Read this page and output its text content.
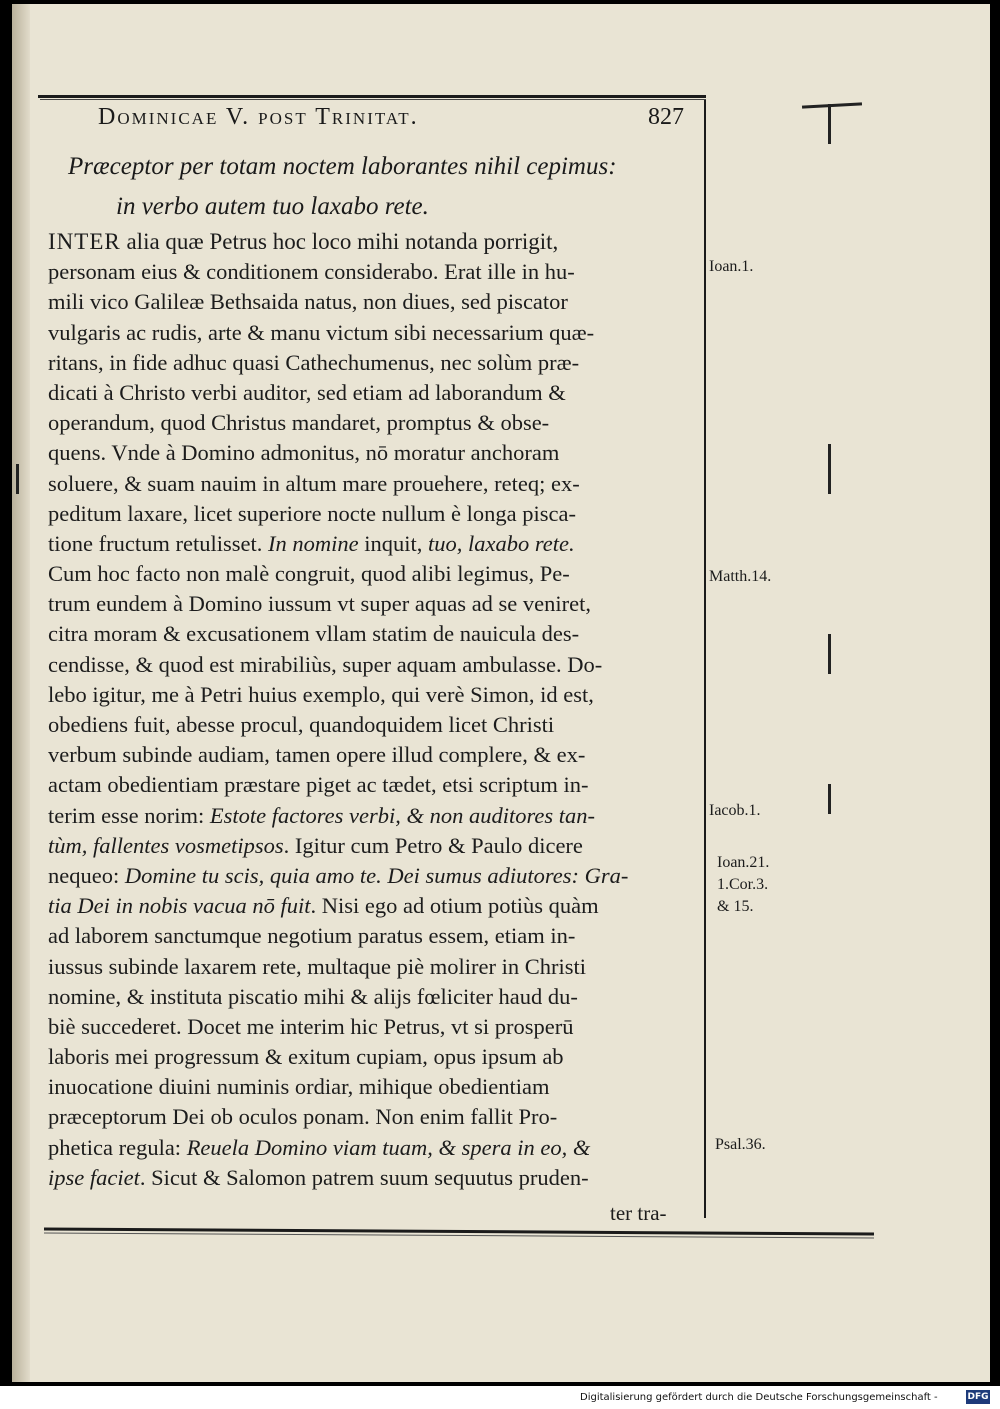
Dominicae V. post Trinitat.	827
Præceptor per totam noctem laborantes nihil cepimus:
in verbo autem tuo laxabo rete.
INTER alia quæ Petrus hoc loco mihi notanda porrigit,
personam eius & conditionem considerabo. Erat ille in hu-
mili vico Galileæ Bethsaida natus, non diues, sed piscator
vulgaris ac rudis, arte & manu victum sibi necessarium quæ-
ritans, in fide adhuc quasi Cathechumenus, nec solùm præ-
dicati à Christo verbi auditor, sed etiam ad laborandum &
operandum, quod Christus mandaret, promptus & obse-
quens. Vnde à Domino admonitus, nō moratur anchoram
soluere, & suam nauim in altum mare prouehere, reteq; ex-
peditum laxare, licet superiore nocte nullum è longa pisca-
tione fructum retulisset. In nomine inquit, tuo, laxabo rete.
Cum hoc facto non malè congruit, quod alibi legimus, Pe-
trum eundem à Domino iussum vt super aquas ad se veniret,
citra moram & excusationem vllam statim de nauicula des-
cendisse, & quod est mirabiliùs, super aquam ambulasse. Do-
lebo igitur, me à Petri huius exemplo, qui verè Simon, id est,
obediens fuit, abesse procul, quandoquidem licet Christi
verbum subinde audiam, tamen opere illud complere, & ex-
actam obedientiam præstare piget ac tædet, etsi scriptum in-
terim esse norim: Estote factores verbi, & non auditores tan-
tùm, fallentes vosmetipsos. Igitur cum Petro & Paulo dicere
nequeo: Domine tu scis, quia amo te. Dei sumus adiutores: Gra-
tia Dei in nobis vacua nō fuit. Nisi ego ad otium potiùs quàm
ad laborem sanctumque negotium paratus essem, etiam in-
iussus subinde laxarem rete, multaque piè molirer in Christi
nomine, & instituta piscatio mihi & alijs fœliciter haud du-
biè succederet. Docet me interim hic Petrus, vt si prosperū
laboris mei progressum & exitum cupiam, opus ipsum ab
inuocatione diuini numinis ordiar, mihique obedientiam
præceptorum Dei ob oculos ponam. Non enim fallit Pro-
phetica regula: Reuela Domino viam tuam, & spera in eo, &
ipse faciet. Sicut & Salomon patrem suum sequutus pruden-
Ioan.1.
Matth.14.
Iacob.1.
Ioan.21.
1.Cor.3.
& 15.
Psal.36.
ter tra-
Digitalisierung gefördert durch die Deutsche Forschungsgemeinschaft -	DFG
